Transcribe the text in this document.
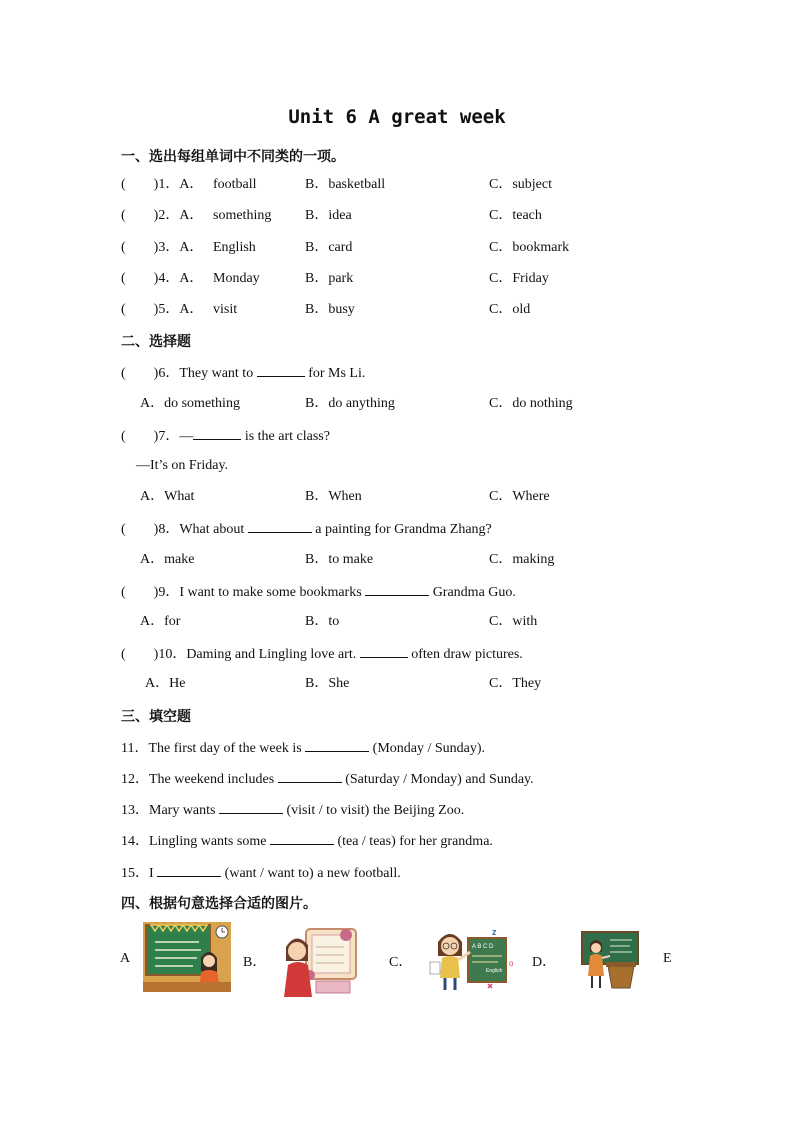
Unit 6 A great week
一、选出每组单词中不同类的一项。
(　　)1．A． football	B．basketball	C．subject
(　　)2．A． something B．idea	C．teach
(　　)3．A． English	B．card	C．bookmark
(　　)4．A． Monday	B．park	C．Friday
(　　)5．A． visit	B．busy	C．old
二、选择题
(　　)6．They want to	for Ms Li.
A．do something	B．do anything	C．do nothing
(　　)7．—	is the art class?
—It’s on Friday.
A．What	B．When	C．Where
(　　)8．What about	a painting for Grandma Zhang?
A．make	B．to make	C．making
(　　)9．I want to make some bookmarks	Grandma Guo.
A．for	B．to	C．with
(　　)10．Daming and Lingling love art.	often draw pictures.
A．He	B．She	C．They
三、填空题
11．The first day of the week is	(Monday / Sunday).
12．The weekend includes	(Saturday / Monday) and Sunday.
13．Mary wants	(visit / to visit) the Beijing Zoo.
14．Lingling wants some	(tea / teas) for her grandma.
15．I	(want / want to) a new football.
四、根据句意选择合适的图片。
A	B．	C．	D．	E
z
A B C D
English
o
